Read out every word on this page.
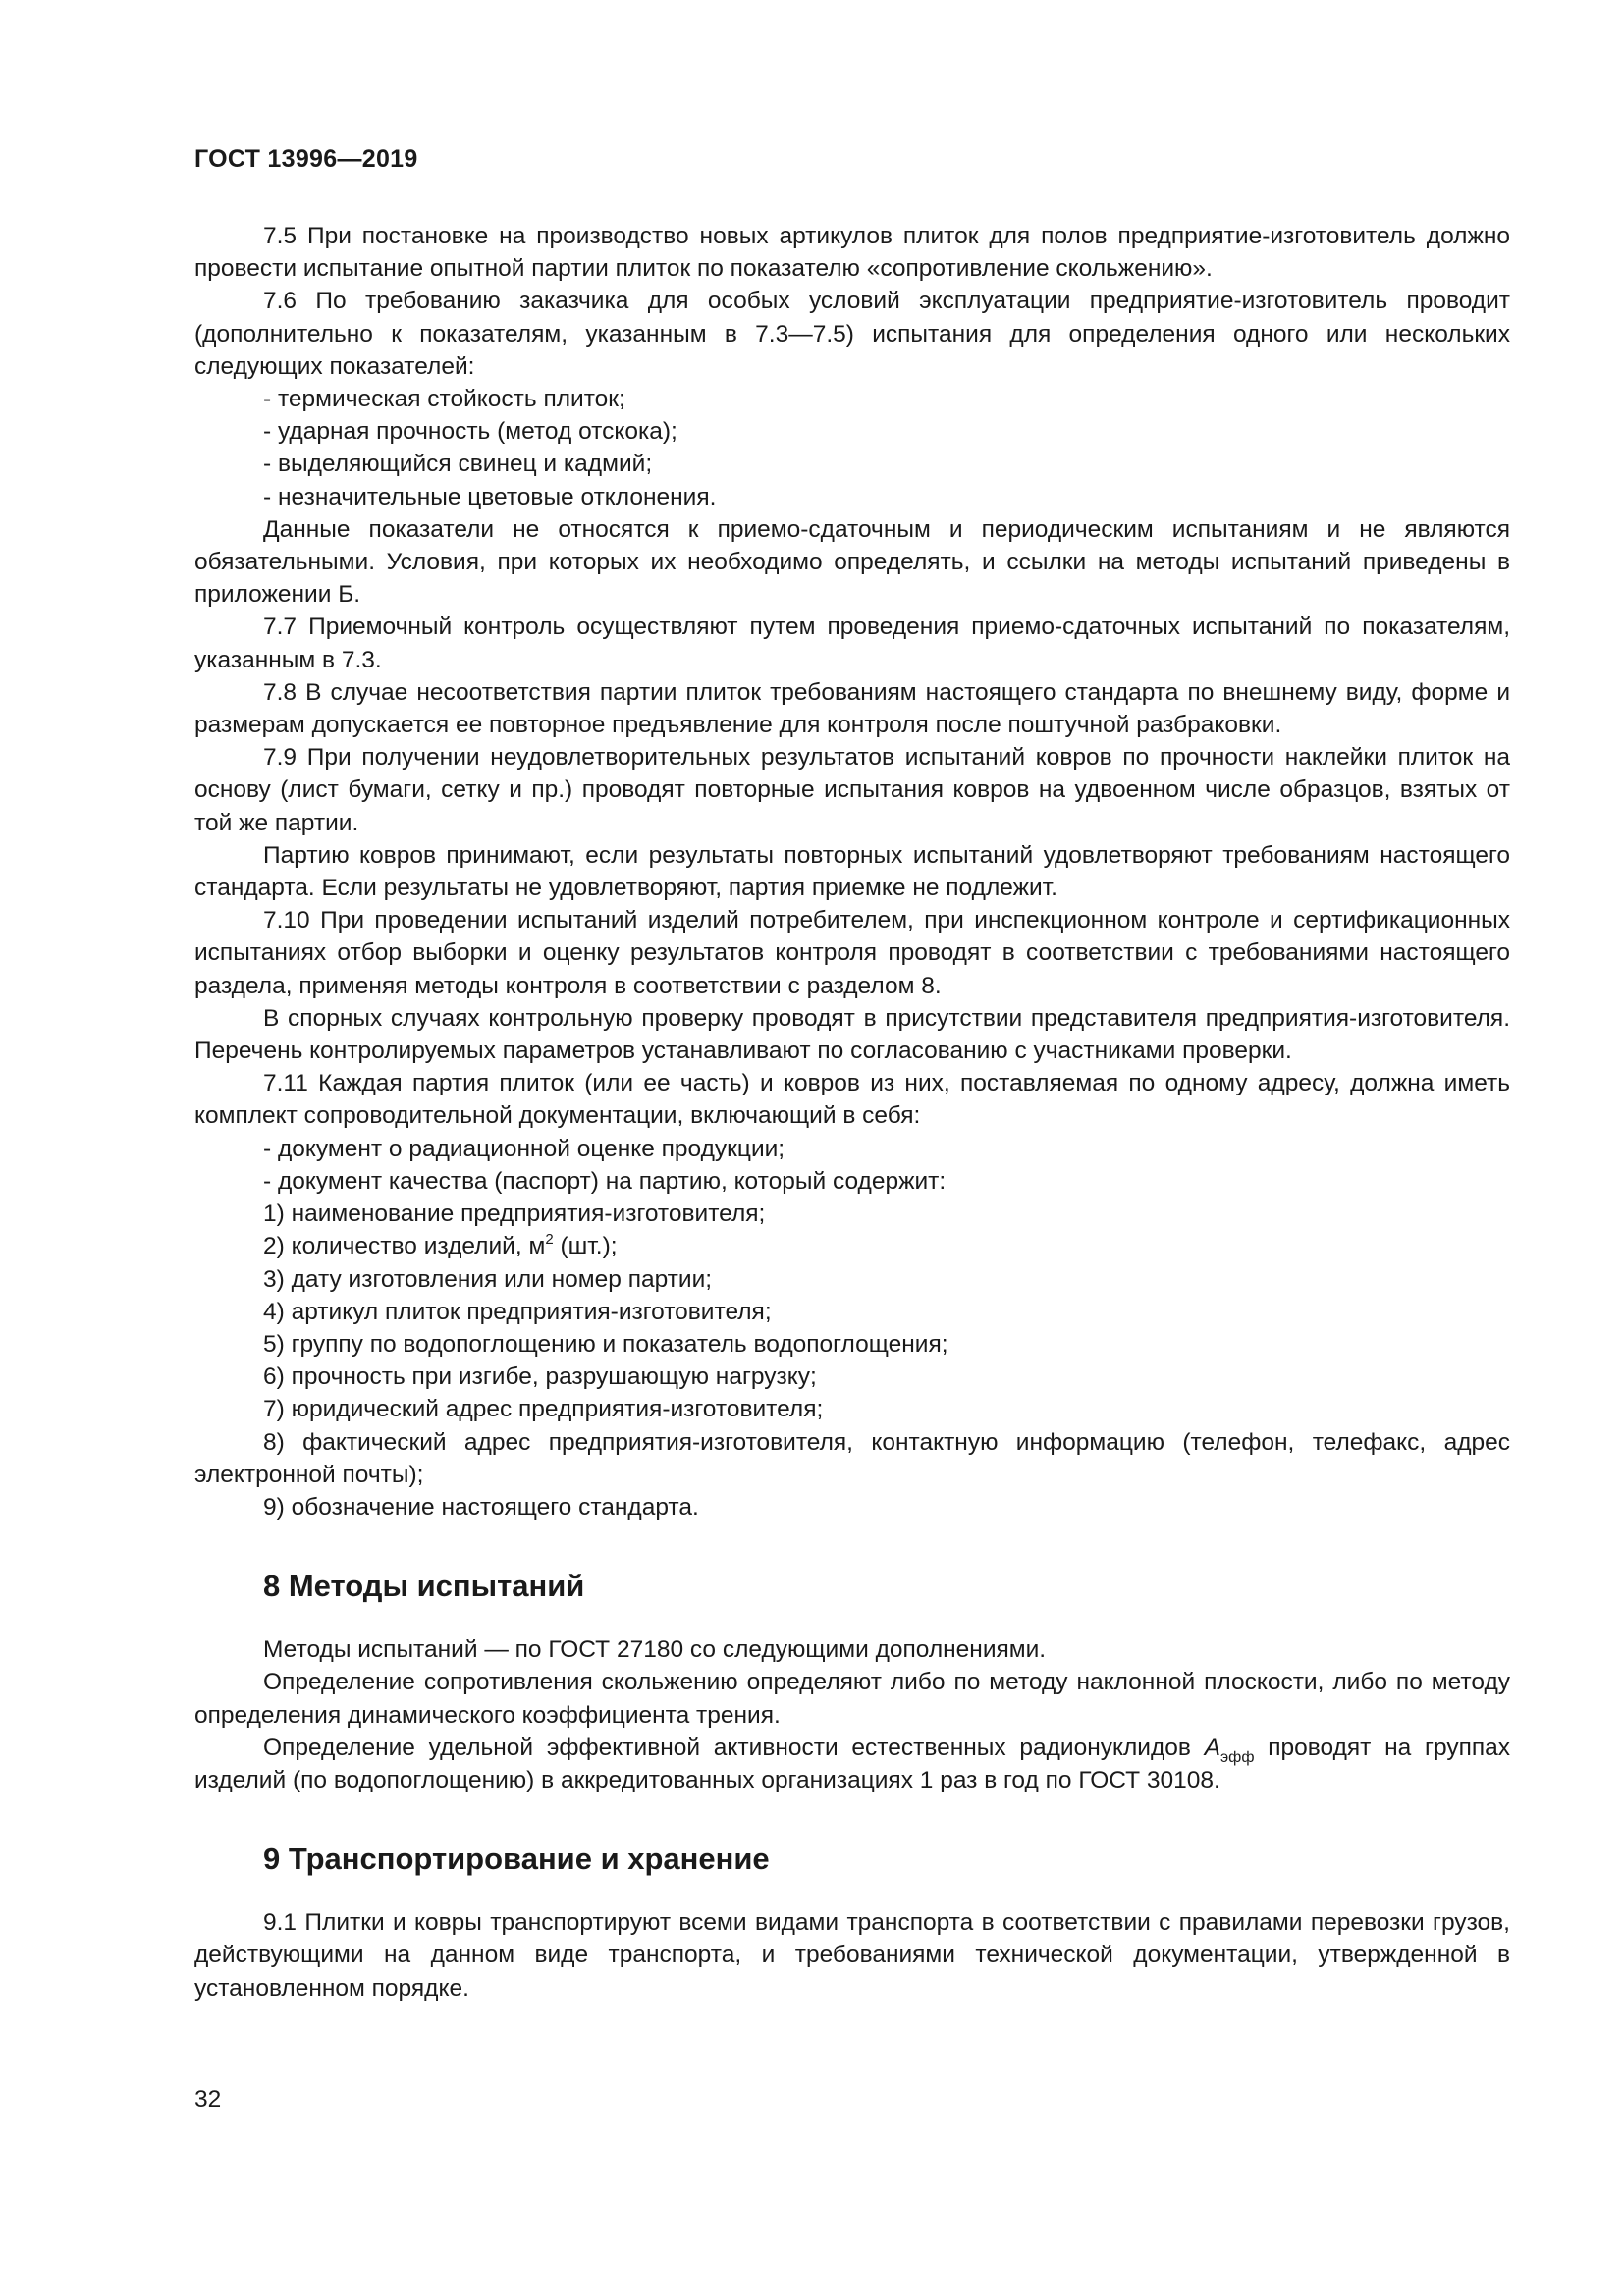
ГОСТ 13996—2019

7.5 При постановке на производство новых артикулов плиток для полов предприятие-изготовитель должно провести испытание опытной партии плиток по показателю «сопротивление скольжению».

7.6 По требованию заказчика для особых условий эксплуатации предприятие-изготовитель проводит (дополнительно к показателям, указанным в 7.3—7.5) испытания для определения одного или нескольких следующих показателей:

- термическая стойкость плиток;

- ударная прочность (метод отскока);

- выделяющийся свинец и кадмий;

- незначительные цветовые отклонения.

Данные показатели не относятся к приемо-сдаточным и периодическим испытаниям и не являются обязательными. Условия, при которых их необходимо определять, и ссылки на методы испытаний приведены в приложении Б.

7.7 Приемочный контроль осуществляют путем проведения приемо-сдаточных испытаний по показателям, указанным в 7.3.

7.8 В случае несоответствия партии плиток требованиям настоящего стандарта по внешнему виду, форме и размерам допускается ее повторное предъявление для контроля после поштучной разбраковки.

7.9 При получении неудовлетворительных результатов испытаний ковров по прочности наклейки плиток на основу (лист бумаги, сетку и пр.) проводят повторные испытания ковров на удвоенном числе образцов, взятых от той же партии.

Партию ковров принимают, если результаты повторных испытаний удовлетворяют требованиям настоящего стандарта. Если результаты не удовлетворяют, партия приемке не подлежит.

7.10 При проведении испытаний изделий потребителем, при инспекционном контроле и сертификационных испытаниях отбор выборки и оценку результатов контроля проводят в соответствии с требованиями настоящего раздела, применяя методы контроля в соответствии с разделом 8.

В спорных случаях контрольную проверку проводят в присутствии представителя предприятия-изготовителя. Перечень контролируемых параметров устанавливают по согласованию с участниками проверки.

7.11 Каждая партия плиток (или ее часть) и ковров из них, поставляемая по одному адресу, должна иметь комплект сопроводительной документации, включающий в себя:

- документ о радиационной оценке продукции;

- документ качества (паспорт) на партию, который содержит:

1) наименование предприятия-изготовителя;

2) количество изделий, $м^2$ (шт.);

3) дату изготовления или номер партии;

4) артикул плиток предприятия-изготовителя;

5) группу по водопоглощению и показатель водопоглощения;

6) прочность при изгибе, разрушающую нагрузку;

7) юридический адрес предприятия-изготовителя;

8) фактический адрес предприятия-изготовителя, контактную информацию (телефон, телефакс, адрес электронной почты);

9) обозначение настоящего стандарта.

8 Методы испытаний

Методы испытаний — по ГОСТ 27180 со следующими дополнениями.

Определение сопротивления скольжению определяют либо по методу наклонной плоскости, либо по методу определения динамического коэффициента трения.

Определение удельной эффективной активности естественных радионуклидов $А_{эфф}$ проводят на группах изделий (по водопоглощению) в аккредитованных организациях 1 раз в год по ГОСТ 30108.

9 Транспортирование и хранение

9.1 Плитки и ковры транспортируют всеми видами транспорта в соответствии с правилами перевозки грузов, действующими на данном виде транспорта, и требованиями технической документации, утвержденной в установленном порядке.

32
